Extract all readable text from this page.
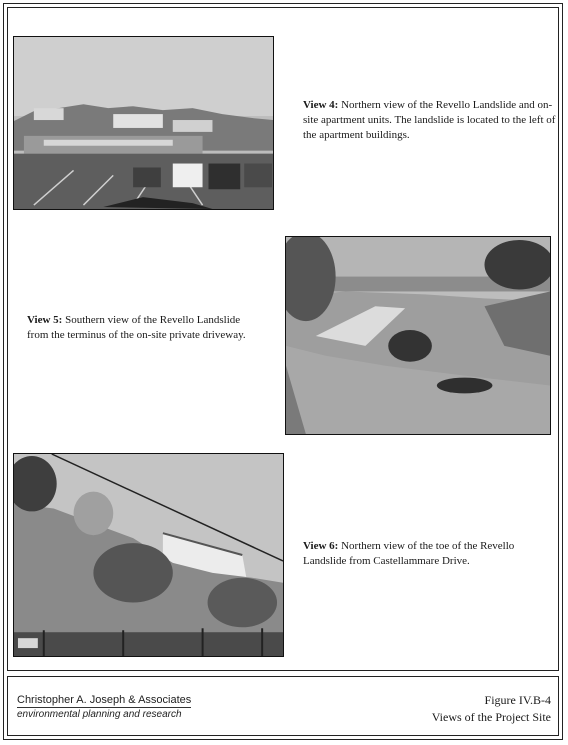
View 4: Northern view of the Revello Landslide and on-site apartment units. The landslide is located to the left of the apartment buildings.
View 5: Southern view of the Revello Landslide from the terminus of the on-site private driveway.
View 6: Northern view of the toe of the Revello Landslide from Castellammare Drive.
Christopher A. Joseph & Associates
environmental planning and research
Figure IV.B-4
Views of the Project Site
